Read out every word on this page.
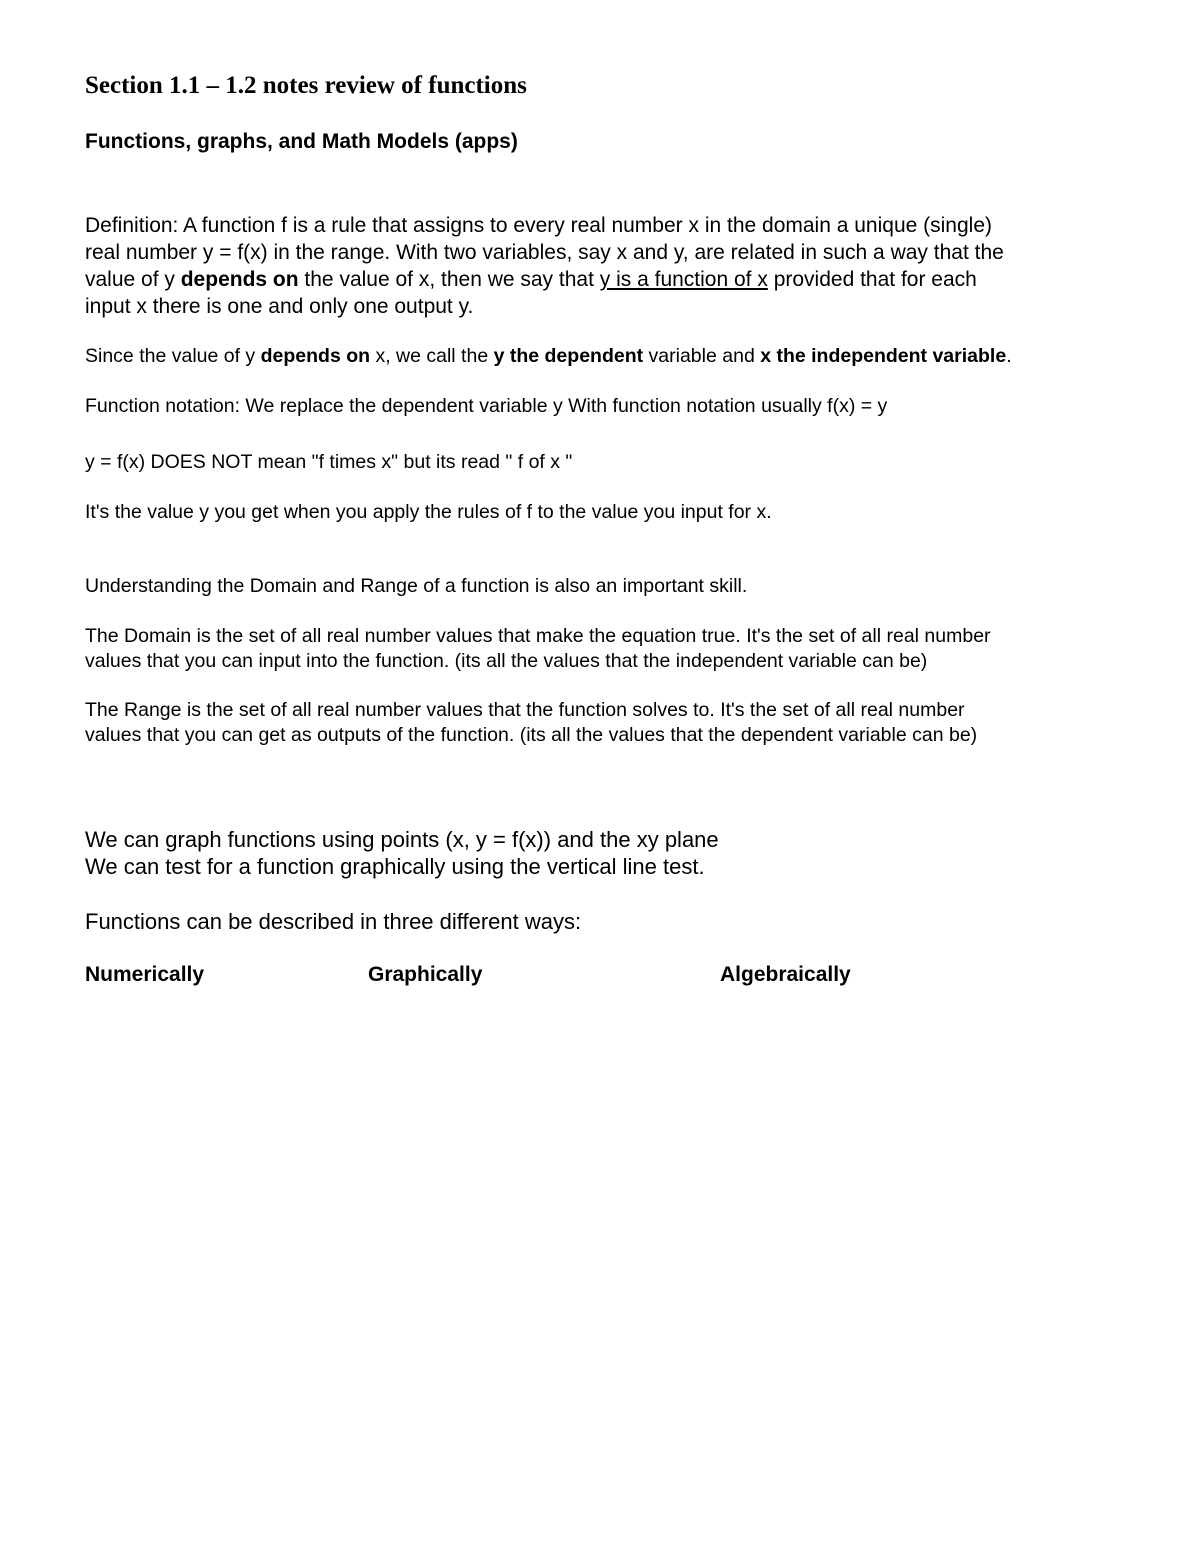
Section 1.1 – 1.2 notes review of functions
Functions, graphs, and Math Models (apps)
Definition: A function f is a rule that assigns to every real number x in the domain a unique (single)
real number y = f(x) in the range. With two variables, say x and y, are related in such a way that the
value of y depends on the value of x, then we say that y is a function of x provided that for each
input x there is one and only one output y.
Since the value of y depends on x, we call the y the dependent variable and x the independent variable.
Function notation: We replace the dependent variable y With function notation usually f(x) = y
y = f(x) DOES NOT mean "f times x" but its read " f of x "
It's the value y you get when you apply the rules of f to the value you input for x.
Understanding the Domain and Range of a function is also an important skill.
The Domain is the set of all real number values that make the equation true. It's the set of all real number
values that you can input into the function. (its all the values that the independent variable can be)
The Range is the set of all real number values that the function solves to. It's the set of all real number
values that you can get as outputs of the function. (its all the values that the dependent variable can be)
We can graph functions using points (x, y = f(x)) and the xy plane
We can test for a function graphically using the vertical line test.
Functions can be described in three different ways:
Numerically	Graphically	Algebraically
